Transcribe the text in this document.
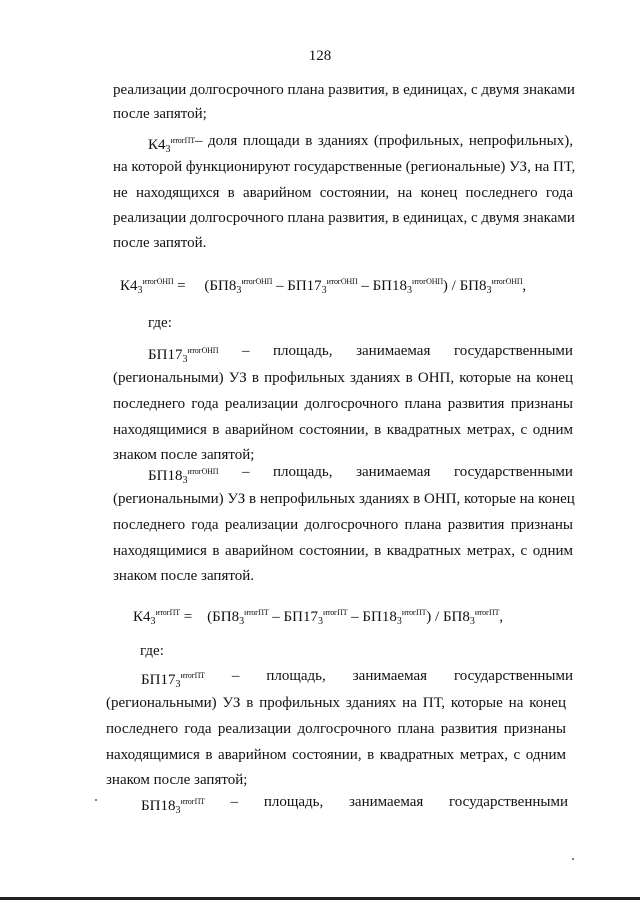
128
реализации долгосрочного плана развития, в единицах, с двумя знаками
после запятой;
$К4_3^{итогПТ}$ – доля площади в зданиях (профильных, непрофильных),
на которой функционируют государственные (региональные) УЗ, на ПТ,
не находящихся в аварийном состоянии, на конец последнего года
реализации долгосрочного плана развития, в единицах, с двумя знаками
после запятой.
$К4_3^{итогОНП}$ =     $(БП8_3^{итогОНП} - БП17_3^{итогОНП} - БП18_3^{итогОНП}) / БП8_3^{итогОНП}$,
где:
$БП17_3^{итогОНП}$ – площадь, занимаемая государственными
(региональными) УЗ в профильных зданиях в ОНП, которые на конец
последнего года реализации долгосрочного плана развития признаны
находящимися в аварийном состоянии, в квадратных метрах, с одним
знаком после запятой;
$БП18_3^{итогОНП}$ – площадь, занимаемая государственными
(региональными) УЗ в непрофильных зданиях в ОНП, которые на конец
последнего года реализации долгосрочного плана развития признаны
находящимися в аварийном состоянии, в квадратных метрах, с одним
знаком после запятой.
$К4_3^{итогПТ}$ =    $(БП8_3^{итогПТ} - БП17_3^{итогПТ} - БП18_3^{итогПТ}) / БП8_3^{итогПТ}$,
где:
$БП17_3^{итогПТ}$ – площадь, занимаемая государственными
(региональными) УЗ в профильных зданиях на ПТ, которые на конец
последнего года реализации долгосрочного плана развития признаны
находящимися в аварийном состоянии, в квадратных метрах, с одним
знаком после запятой;
$БП18_3^{итогПТ}$ – площадь, занимаемая государственными
